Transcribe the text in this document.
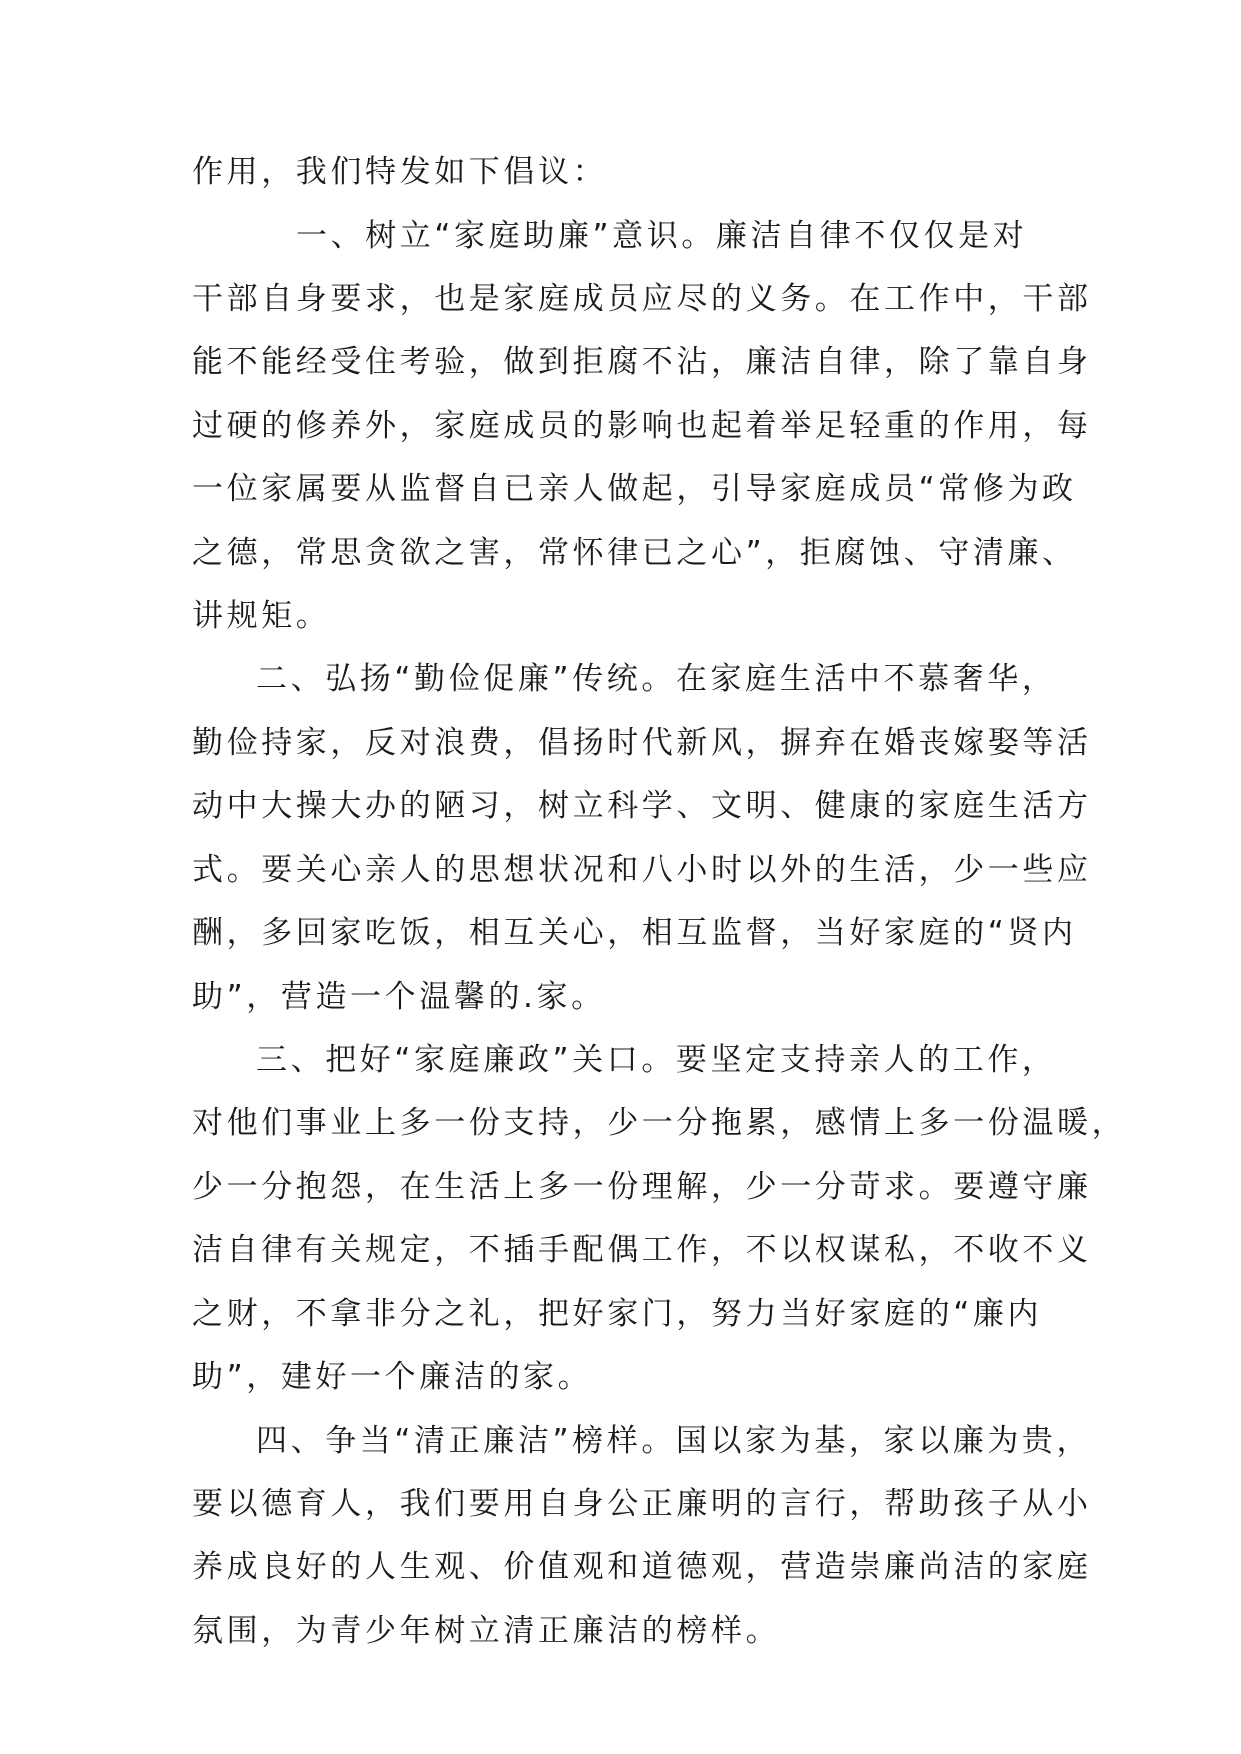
作用，我们特发如下倡议：
一、树立“家庭助廉”意识。廉洁自律不仅仅是对
干部自身要求，也是家庭成员应尽的义务。在工作中，干部
能不能经受住考验，做到拒腐不沾，廉洁自律，除了靠自身
过硬的修养外，家庭成员的影响也起着举足轻重的作用，每
一位家属要从监督自已亲人做起，引导家庭成员“常修为政
之德，常思贪欲之害，常怀律已之心”，拒腐蚀、守清廉、
讲规矩。
二、弘扬“勤俭促廉”传统。在家庭生活中不慕奢华，
勤俭持家，反对浪费，倡扬时代新风，摒弃在婚丧嫁娶等活
动中大操大办的陋习，树立科学、文明、健康的家庭生活方
式。要关心亲人的思想状况和八小时以外的生活，少一些应
酬，多回家吃饭，相互关心，相互监督，当好家庭的“贤内
助”，营造一个温馨的.家。
三、把好“家庭廉政”关口。要坚定支持亲人的工作，
对他们事业上多一份支持，少一分拖累，感情上多一份温暖，
少一分抱怨，在生活上多一份理解，少一分苛求。要遵守廉
洁自律有关规定，不插手配偶工作，不以权谋私，不收不义
之财，不拿非分之礼，把好家门，努力当好家庭的“廉内
助”，建好一个廉洁的家。
四、争当“清正廉洁”榜样。国以家为基，家以廉为贵，
要以德育人，我们要用自身公正廉明的言行，帮助孩子从小
养成良好的人生观、价值观和道德观，营造崇廉尚洁的家庭
氛围，为青少年树立清正廉洁的榜样。
